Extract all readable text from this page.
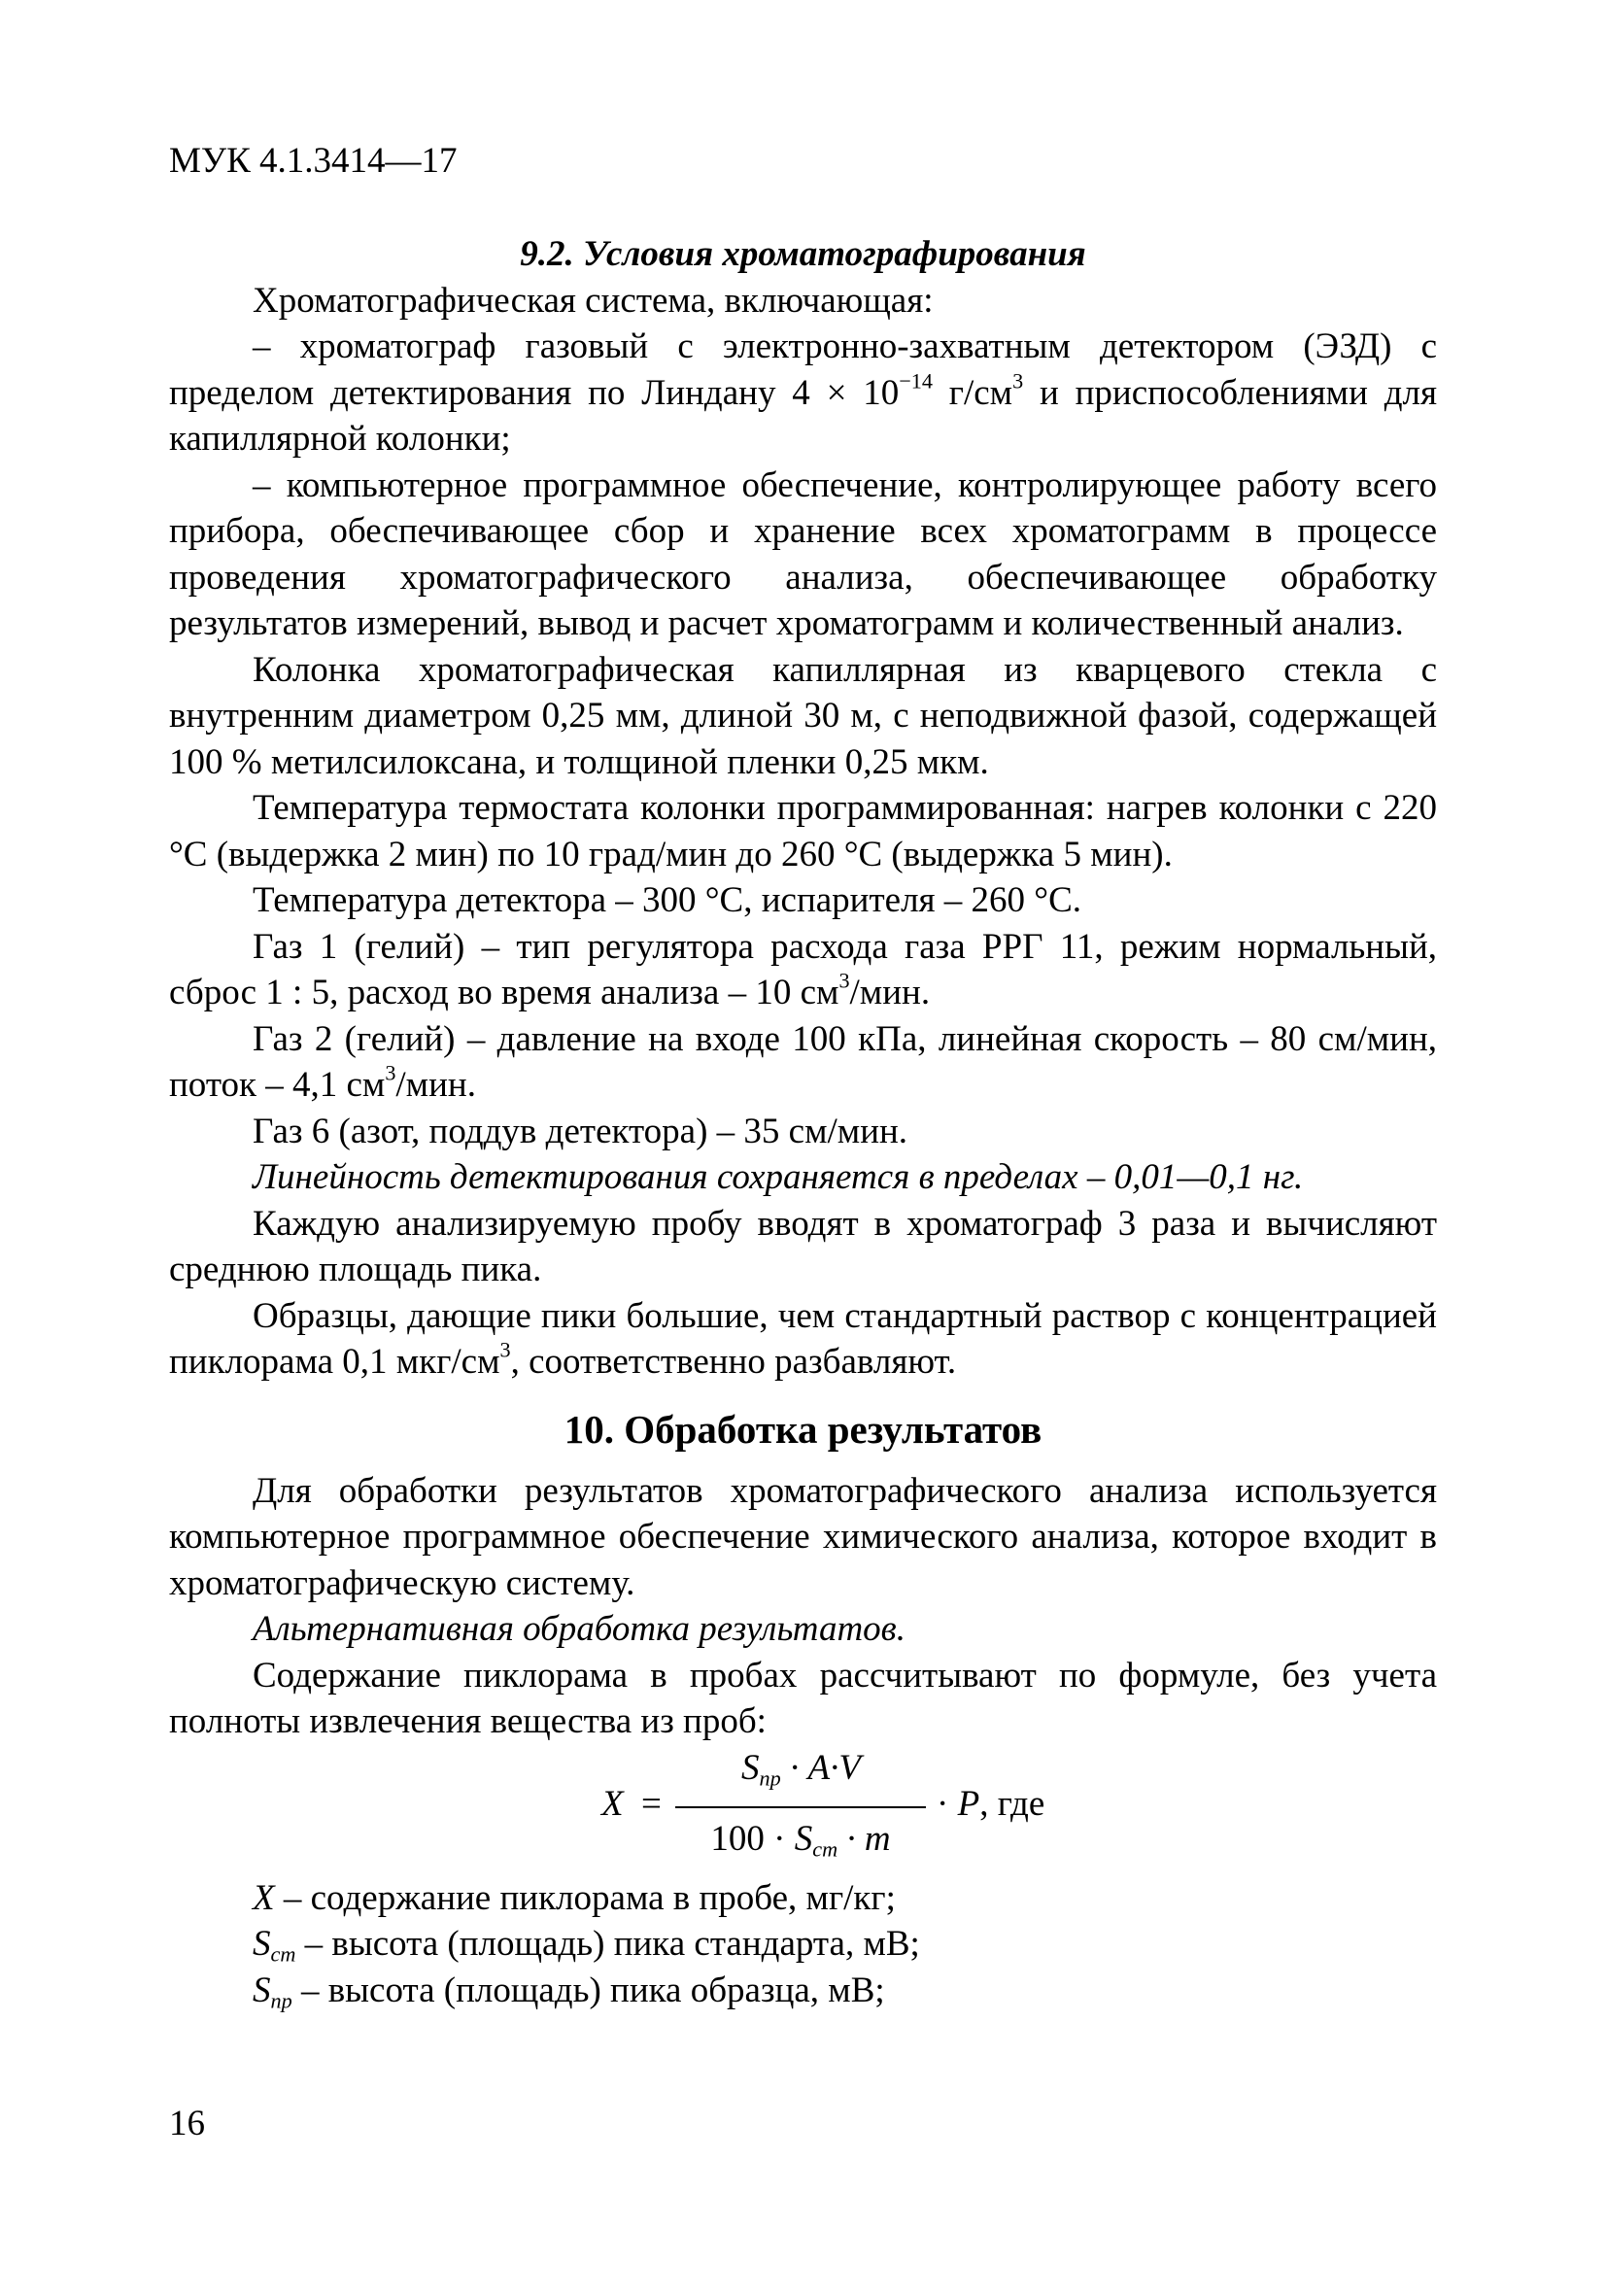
МУК 4.1.3414—17

9.2. Условия хроматографирования

Хроматографическая система, включающая:

– хроматограф газовый с электронно-захватным детектором (ЭЗД) с пределом детектирования по Линдану $4 \times 10^{-14}$ $г/см^3$ и приспособлениями для капиллярной колонки;

– компьютерное программное обеспечение, контролирующее работу всего прибора, обеспечивающее сбор и хранение всех хроматограмм в процессе проведения хроматографического анализа, обеспечивающее обработку результатов измерений, вывод и расчет хроматограмм и количественный анализ.

Колонка хроматографическая капиллярная из кварцевого стекла с внутренним диаметром 0,25 мм, длиной 30 м, с неподвижной фазой, содержащей 100 % метилсилоксана, и толщиной пленки 0,25 мкм.

Температура термостата колонки программированная: нагрев колонки с 220 °С (выдержка 2 мин) по 10 град/мин до 260 °С (выдержка 5 мин).

Температура детектора – 300 °С, испарителя – 260 °С.

Газ 1 (гелий) – тип регулятора расхода газа РРГ 11, режим нормальный, сброс 1 : 5, расход во время анализа – 10 $см^3$/мин.

Газ 2 (гелий) – давление на входе 100 кПа, линейная скорость – 80 см/мин, поток – 4,1 $см^3$/мин.

Газ 6 (азот, поддув детектора) – 35 см/мин.

Линейность детектирования сохраняется в пределах – 0,01—0,1 нг.

Каждую анализируемую пробу вводят в хроматограф 3 раза и вычисляют среднюю площадь пика.

Образцы, дающие пики большие, чем стандартный раствор с концентрацией пиклорама 0,1 мкг/$см^3$, соответственно разбавляют.

10. Обработка результатов

Для обработки результатов хроматографического анализа используется компьютерное программное обеспечение химического анализа, которое входит в хроматографическую систему.

Альтернативная обработка результатов.

Содержание пиклорама в пробах рассчитывают по формуле, без учета полноты извлечения вещества из проб:

X =
$S_{пр} \cdot A\cdot V$
$100 \cdot S_{ст} \cdot m$
· P, где

X – содержание пиклорама в пробе, мг/кг;

$S_{ст}$ – высота (площадь) пика стандарта, мВ;

$S_{пр}$ – высота (площадь) пика образца, мВ;

16
